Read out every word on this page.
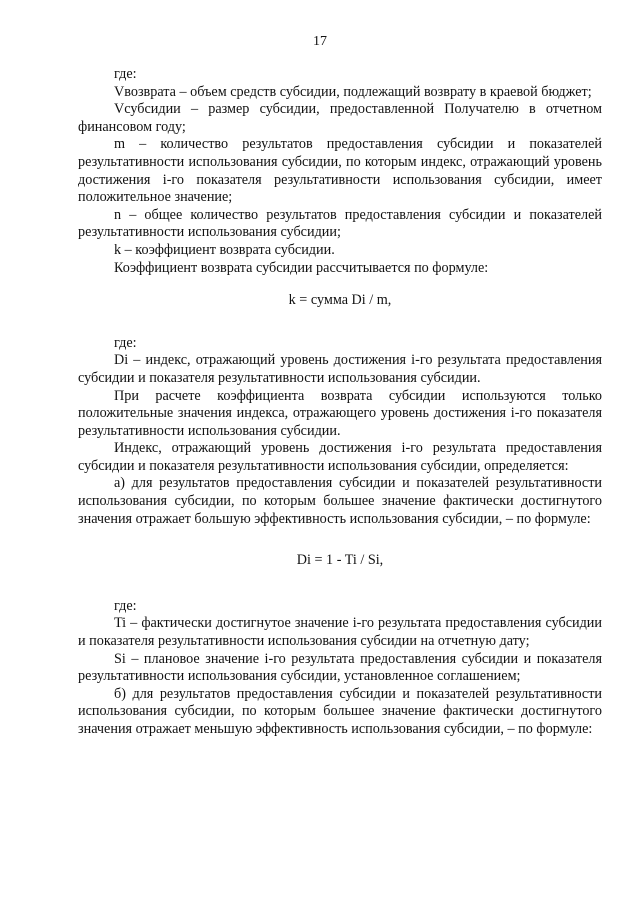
17

где:

Vвозврата – объем средств субсидии, подлежащий возврату в краевой бюджет;

Vсубсидии – размер субсидии, предоставленной Получателю в отчетном финансовом году;

m – количество результатов предоставления субсидии и показателей результативности использования субсидии, по которым индекс, отражающий уровень достижения i-го показателя результативности использования субсидии, имеет положительное значение;

n – общее количество результатов предоставления субсидии и показателей результативности использования субсидии;

k – коэффициент возврата субсидии.

Коэффициент возврата субсидии рассчитывается по формуле:

k = сумма Di / m,

где:

Di – индекс, отражающий уровень достижения i-го результата предоставления субсидии и показателя результативности использования субсидии.

При расчете коэффициента возврата субсидии используются только положительные значения индекса, отражающего уровень достижения i-го показателя результативности использования субсидии.

Индекс, отражающий уровень достижения i-го результата предоставления субсидии и показателя результативности использования субсидии, определяется:

а) для результатов предоставления субсидии и показателей результативности использования субсидии, по которым большее значение фактически достигнутого значения отражает большую эффективность использования субсидии, – по формуле:

Di = 1 - Ti / Si,

где:

Ti – фактически достигнутое значение i-го результата предоставления субсидии и показателя результативности использования субсидии на отчетную дату;

Si – плановое значение i-го результата предоставления субсидии и показателя результативности использования субсидии, установленное соглашением;

б) для результатов предоставления субсидии и показателей результативности использования субсидии, по которым большее значение фактически достигнутого значения отражает меньшую эффективность использования субсидии, – по формуле:
